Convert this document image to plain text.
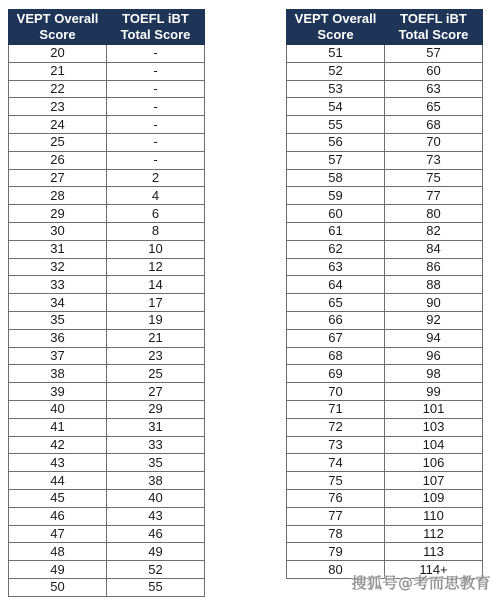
VEPT Overall
Score	TOEFL iBT
Total Score

20	-
21	-
22	-
23	-
24	-
25	-
26	-
27	2
28	4
29	6
30	8
31	10
32	12
33	14
34	17
35	19
36	21
37	23
38	25
39	27
40	29
41	31
42	33
43	35
44	38
45	40
46	43
47	46
48	49
49	52
50	55
VEPT Overall
Score	TOEFL iBT
Total Score

51	57
52	60
53	63
54	65
55	68
56	70
57	73
58	75
59	77
60	80
61	82
62	84
63	86
64	88
65	90
66	92
67	94
68	96
69	98
70	99
71	101
72	103
73	104
74	106
75	107
76	109
77	110
78	112
79	113
80	114+
搜狐号@考而思教育
